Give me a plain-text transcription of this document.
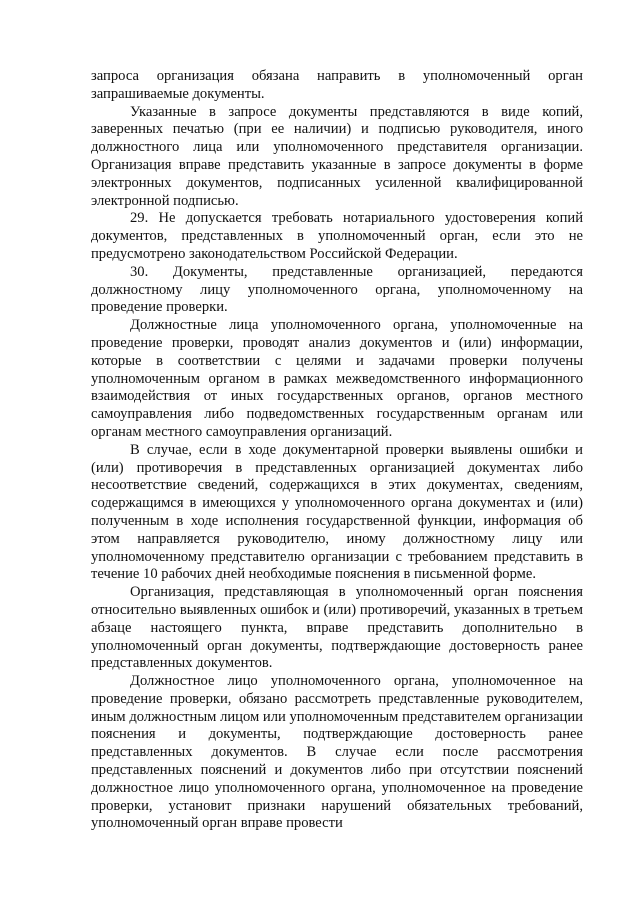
запроса организация обязана направить в уполномоченный орган запрашиваемые документы.

Указанные в запросе документы представляются в виде копий, заверенных печатью (при ее наличии) и подписью руководителя, иного должностного лица или уполномоченного представителя организации. Организация вправе представить указанные в запросе документы в форме электронных документов, подписанных усиленной квалифицированной электронной подписью.

29. Не допускается требовать нотариального удостоверения копий документов, представленных в уполномоченный орган, если это не предусмотрено законодательством Российской Федерации.

30. Документы, представленные организацией, передаются должностному лицу уполномоченного органа, уполномоченному на проведение проверки.

Должностные лица уполномоченного органа, уполномоченные на проведение проверки, проводят анализ документов и (или) информации, которые в соответствии с целями и задачами проверки получены уполномоченным органом в рамках межведомственного информационного взаимодействия от иных государственных органов, органов местного самоуправления либо подведомственных государственным органам или органам местного самоуправления организаций.

В случае, если в ходе документарной проверки выявлены ошибки и (или) противоречия в представленных организацией документах либо несоответствие сведений, содержащихся в этих документах, сведениям, содержащимся в имеющихся у уполномоченного органа документах и (или) полученным в ходе исполнения государственной функции, информация об этом направляется руководителю, иному должностному лицу или уполномоченному представителю организации с требованием представить в течение 10 рабочих дней необходимые пояснения в письменной форме.

Организация, представляющая в уполномоченный орган пояснения относительно выявленных ошибок и (или) противоречий, указанных в третьем абзаце настоящего пункта, вправе представить дополнительно в уполномоченный орган документы, подтверждающие достоверность ранее представленных документов.

Должностное лицо уполномоченного органа, уполномоченное на проведение проверки, обязано рассмотреть представленные руководителем, иным должностным лицом или уполномоченным представителем организации пояснения и документы, подтверждающие достоверность ранее представленных документов. В случае если после рассмотрения представленных пояснений и документов либо при отсутствии пояснений должностное лицо уполномоченного органа, уполномоченное на проведение проверки, установит признаки нарушений обязательных требований, уполномоченный орган вправе провести
